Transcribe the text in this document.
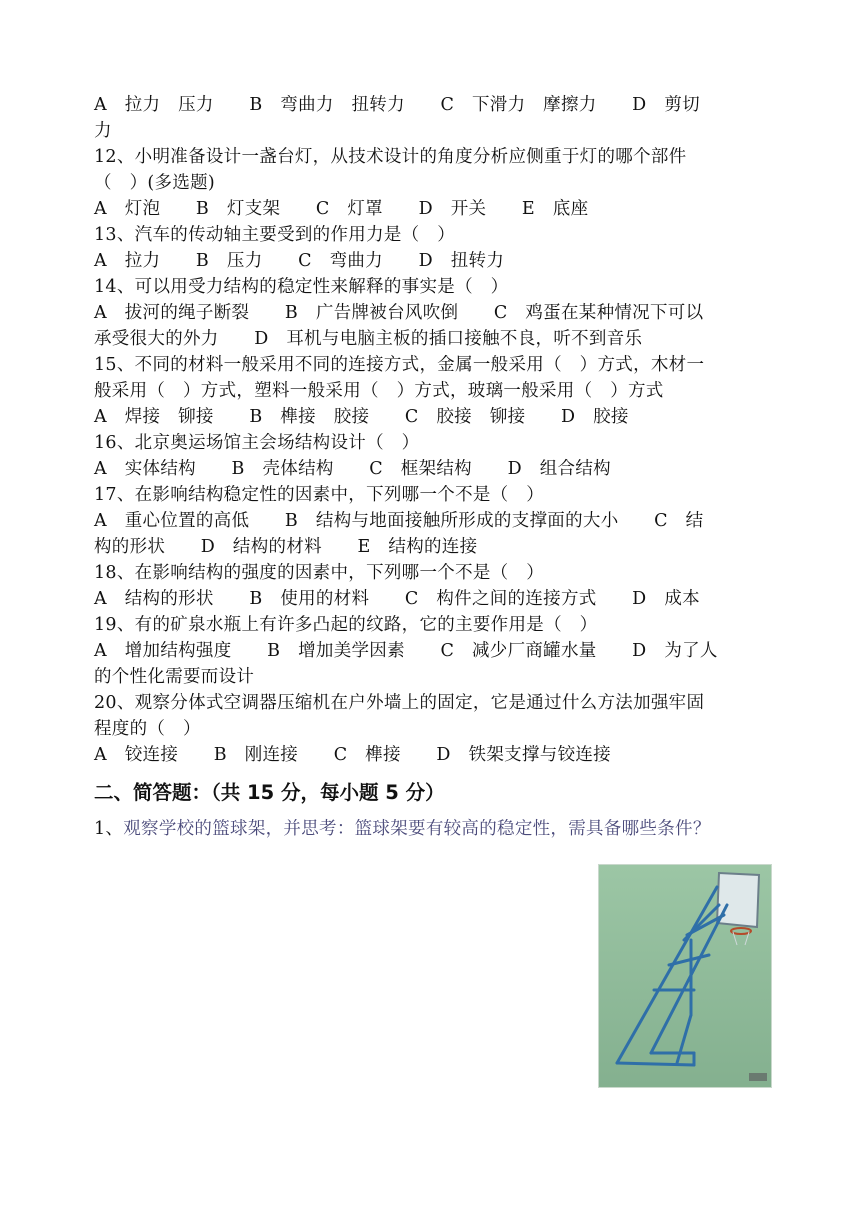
A　拉力　压力　　B　弯曲力　扭转力　　C　下滑力　摩擦力　　D　剪切
力
12、小明准备设计一盏台灯，从技术设计的角度分析应侧重于灯的哪个部件
（　）(多选题)
A　灯泡　　B　灯支架　　C　灯罩　　D　开关　　E　底座
13、汽车的传动轴主要受到的作用力是（　）
A　拉力　　B　压力　　C　弯曲力　　D　扭转力
14、可以用受力结构的稳定性来解释的事实是（　）
A　拔河的绳子断裂　　B　广告牌被台风吹倒　　C　鸡蛋在某种情况下可以
承受很大的外力　　D　耳机与电脑主板的插口接触不良，听不到音乐
15、不同的材料一般采用不同的连接方式，金属一般采用（　）方式，木材一
般采用（　）方式，塑料一般采用（　）方式，玻璃一般采用（　）方式
A　焊接　铆接　　B　榫接　胶接　　C　胶接　铆接　　D　胶接
16、北京奥运场馆主会场结构设计（　）
A　实体结构　　B　壳体结构　　C　框架结构　　D　组合结构
17、在影响结构稳定性的因素中，下列哪一个不是（　）
A　重心位置的高低　　B　结构与地面接触所形成的支撑面的大小　　C　结
构的形状　　D　结构的材料　　E　结构的连接
18、在影响结构的强度的因素中，下列哪一个不是（　）
A　结构的形状　　B　使用的材料　　C　构件之间的连接方式　　D　成本
19、有的矿泉水瓶上有许多凸起的纹路，它的主要作用是（　）
A　增加结构强度　　B　增加美学因素　　C　减少厂商罐水量　　D　为了人
的个性化需要而设计
20、观察分体式空调器压缩机在户外墙上的固定，它是通过什么方法加强牢固
程度的（　）
A　铰连接　　B　刚连接　　C　榫接　　D　铁架支撑与铰连接
二、简答题：（共 15 分，每小题 5 分）
1、观察学校的篮球架，并思考：篮球架要有较高的稳定性，需具备哪些条件？
